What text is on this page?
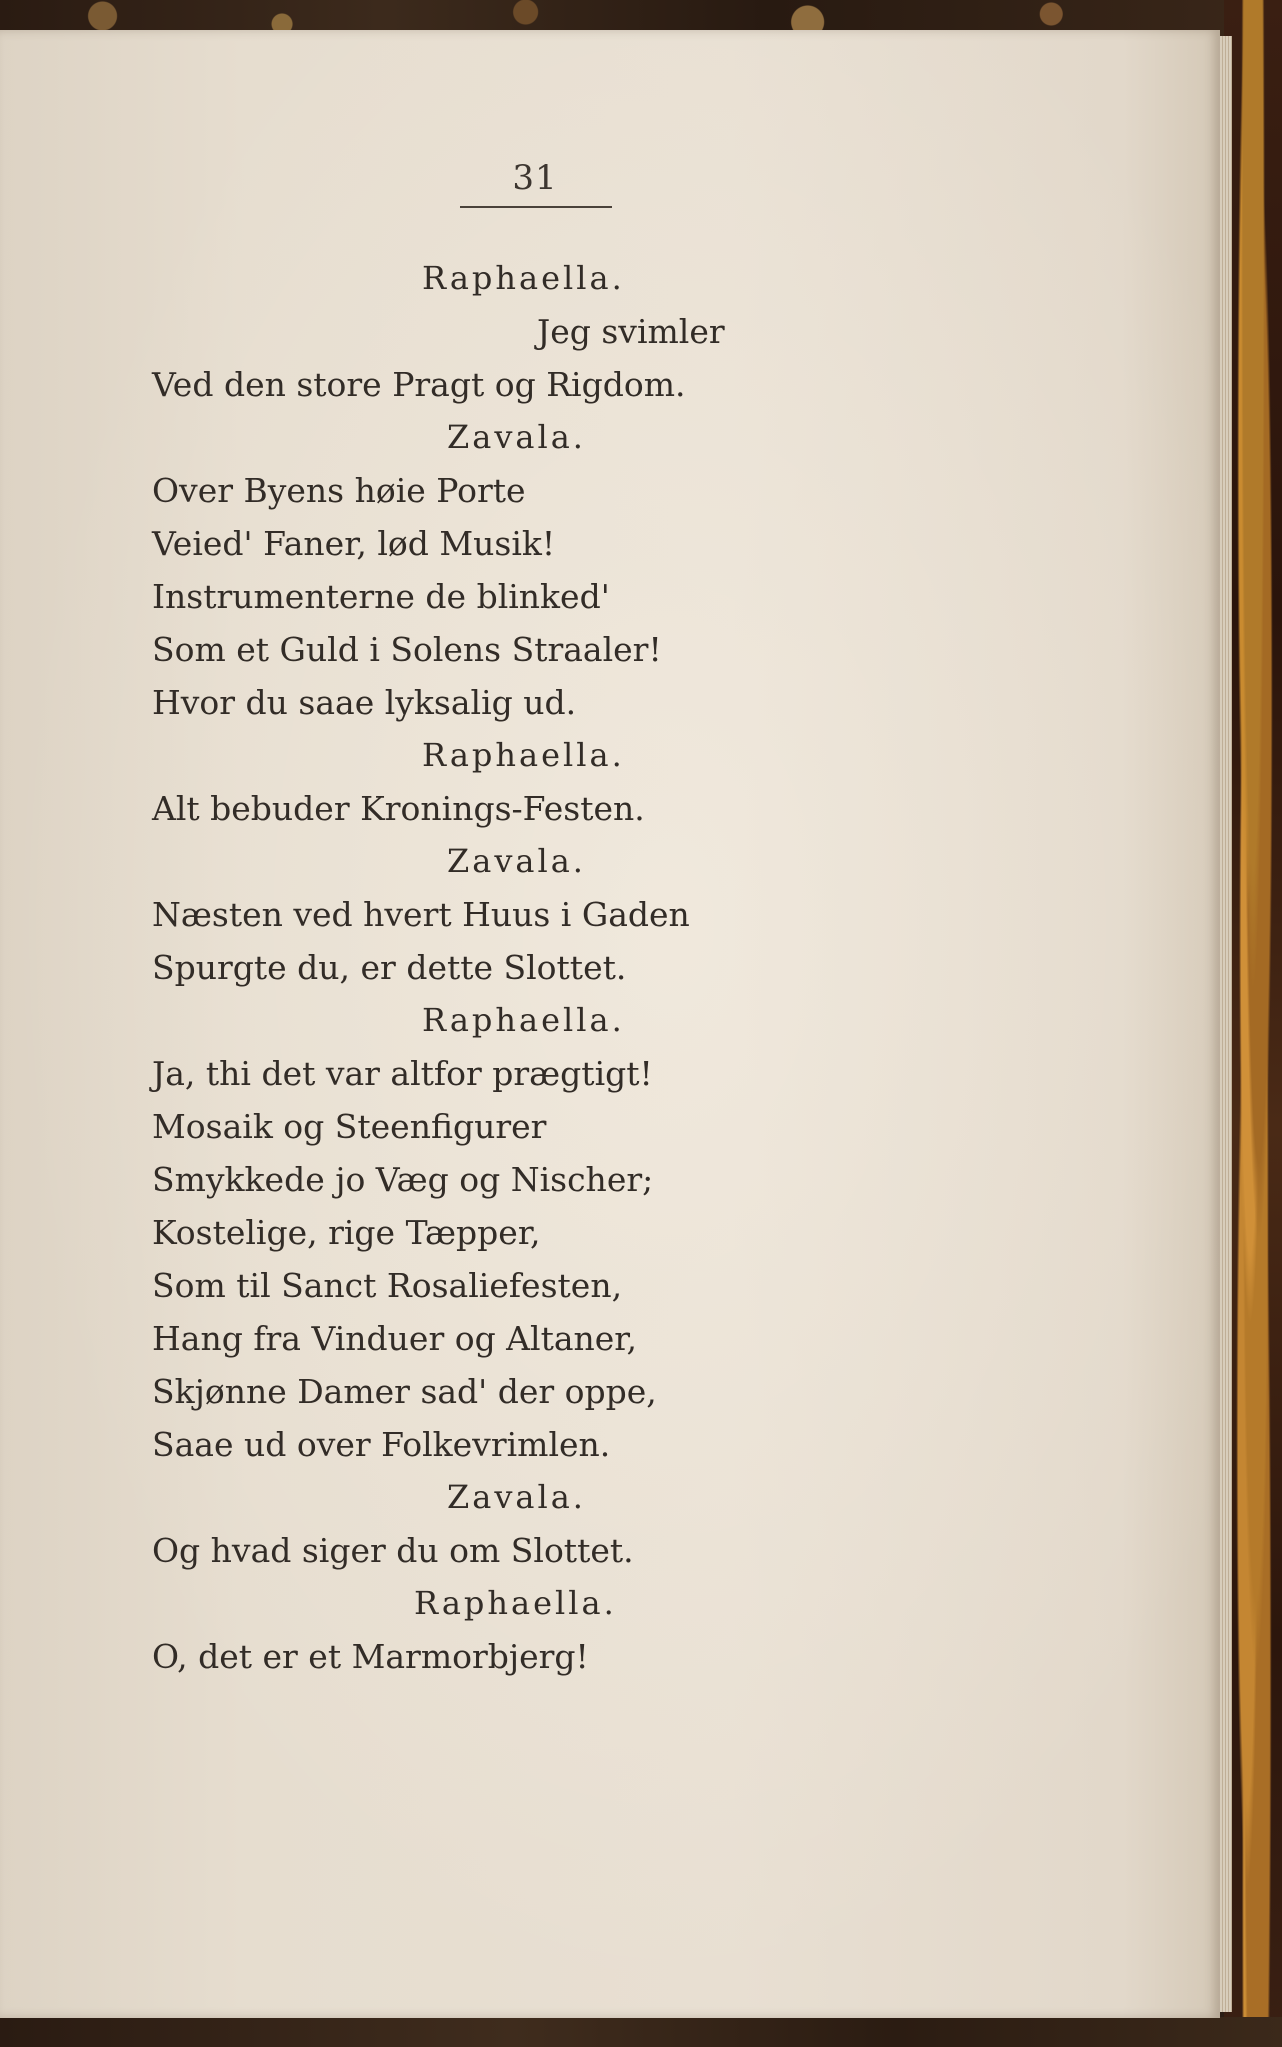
31
Raphaella.
Jeg svimler
Ved den store Pragt og Rigdom.
Zavala.
Over Byens høie Porte
Veied' Faner, lød Musik!
Instrumenterne de blinked'
Som et Guld i Solens Straaler!
Hvor du saae lyksalig ud.
Raphaella.
Alt bebuder Kronings-Festen.
Zavala.
Næsten ved hvert Huus i Gaden
Spurgte du, er dette Slottet.
Raphaella.
Ja, thi det var altfor prægtigt!
Mosaik og Steenfigurer
Smykkede jo Væg og Nischer;
Kostelige, rige Tæpper,
Som til Sanct Rosaliefesten,
Hang fra Vinduer og Altaner,
Skjønne Damer sad' der oppe,
Saae ud over Folkevrimlen.
Zavala.
Og hvad siger du om Slottet.
Raphaella.
O, det er et Marmorbjerg!
